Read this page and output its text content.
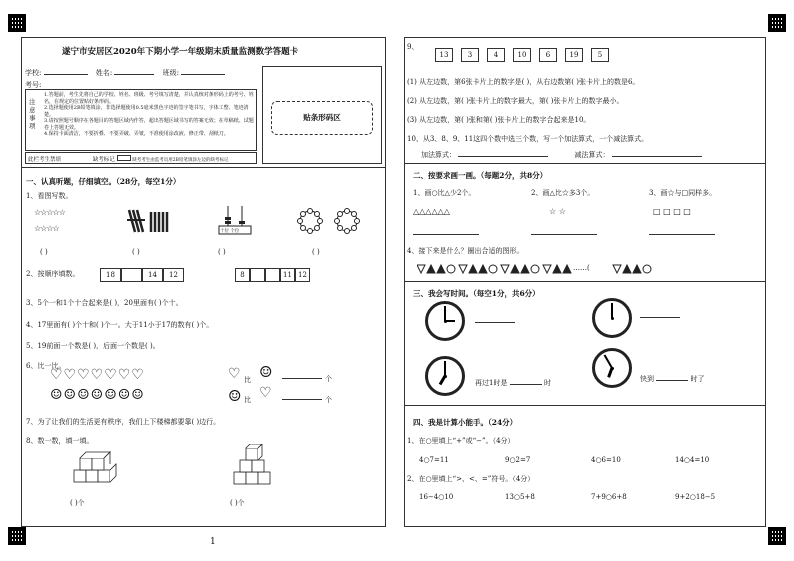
遂宁市安居区2020年下期小学一年级期末质量监测数学答题卡
学校:	姓名:	班级:
考号:
注意事项
1.答题前，考生先将自己的学校、姓名、班级、考号填写清楚，并认真核对条形码上的考号、姓名，在规定的位置贴好条形码。
2.选择题使用2B铅笔填涂，非选择题使用0.5毫米黑色字迹的签字笔书写，字体工整、笔迹清楚。
3.请按照题号顺序在各题目的答题区域内作答，超出答题区域书写的答案无效；在草稿纸、试题卷上答题无效。
4.保持卡面清洁，不要折叠、不要弄破、弄皱，不准使用涂改液、修正带、刮纸刀。
此栏考生禁填	缺考标记	缺考考生由监考员用2B铅笔填涂左边的缺考标记
贴条形码区
一、认真听题，仔细填空。（28分，每空1分）
1、看图写数。
☆☆☆☆☆
☆☆☆☆	十位 个位
( )	( )	( )	( )
2、按顺序填数。	18	14	12	8	11 12
3、5个一和1个十合起来是( )，20里面有( )个十。
4、17里面有( )个十和( )个一。大于11小于17的数有( )个。
5、19前面一个数是( )，后面一个数是( )。
6、比一比。
♡♡♡♡♡♡♡
☺☺☺☺☺☺☺
♡ 比 ☺	个
☺ 比 ♡	个
7、为了让我们的生活更有秩序，我们上下楼梯都要靠( )边行。
8、数一数，填一填。
( )个	( )个
1
9、
13	3	4	10	6	19	5
(1) 从左边数，第6张卡片上的数字是( )，从右边数第( )张卡片上的数是6。
(2) 从左边数，第( )张卡片上的数字最大，第( )张卡片上的数字最小。
(3) 从左边数，第( )张和第( )张卡片上的数字合起来是10。
10、从3、8、9、11这四个数中选三个数，写一个加法算式，一个减法算式。
加法算式：	减法算式：
二、按要求画一画。（每题2分，共8分）
1、画○比△少2个。	2、画△比☆多3个。	3、画☆与□同样多。
△△△△△△	☆ ☆	□ □ □ □
4、接下来是什么？圈出合适的图形。
……(
三、我会写时间。（每空1分，共6分）
再过1时是	时	快到	时了
四、我是计算小能手。（24分）
1、在○里填上“+”或“−”。（4分）
4○7=11	9○2=7	4○6=10	14○4=10
2、在○里填上“>、<、=”符号。（4分）
16−4○10	13○5+8	7+9○6+8	9+2○18−5
